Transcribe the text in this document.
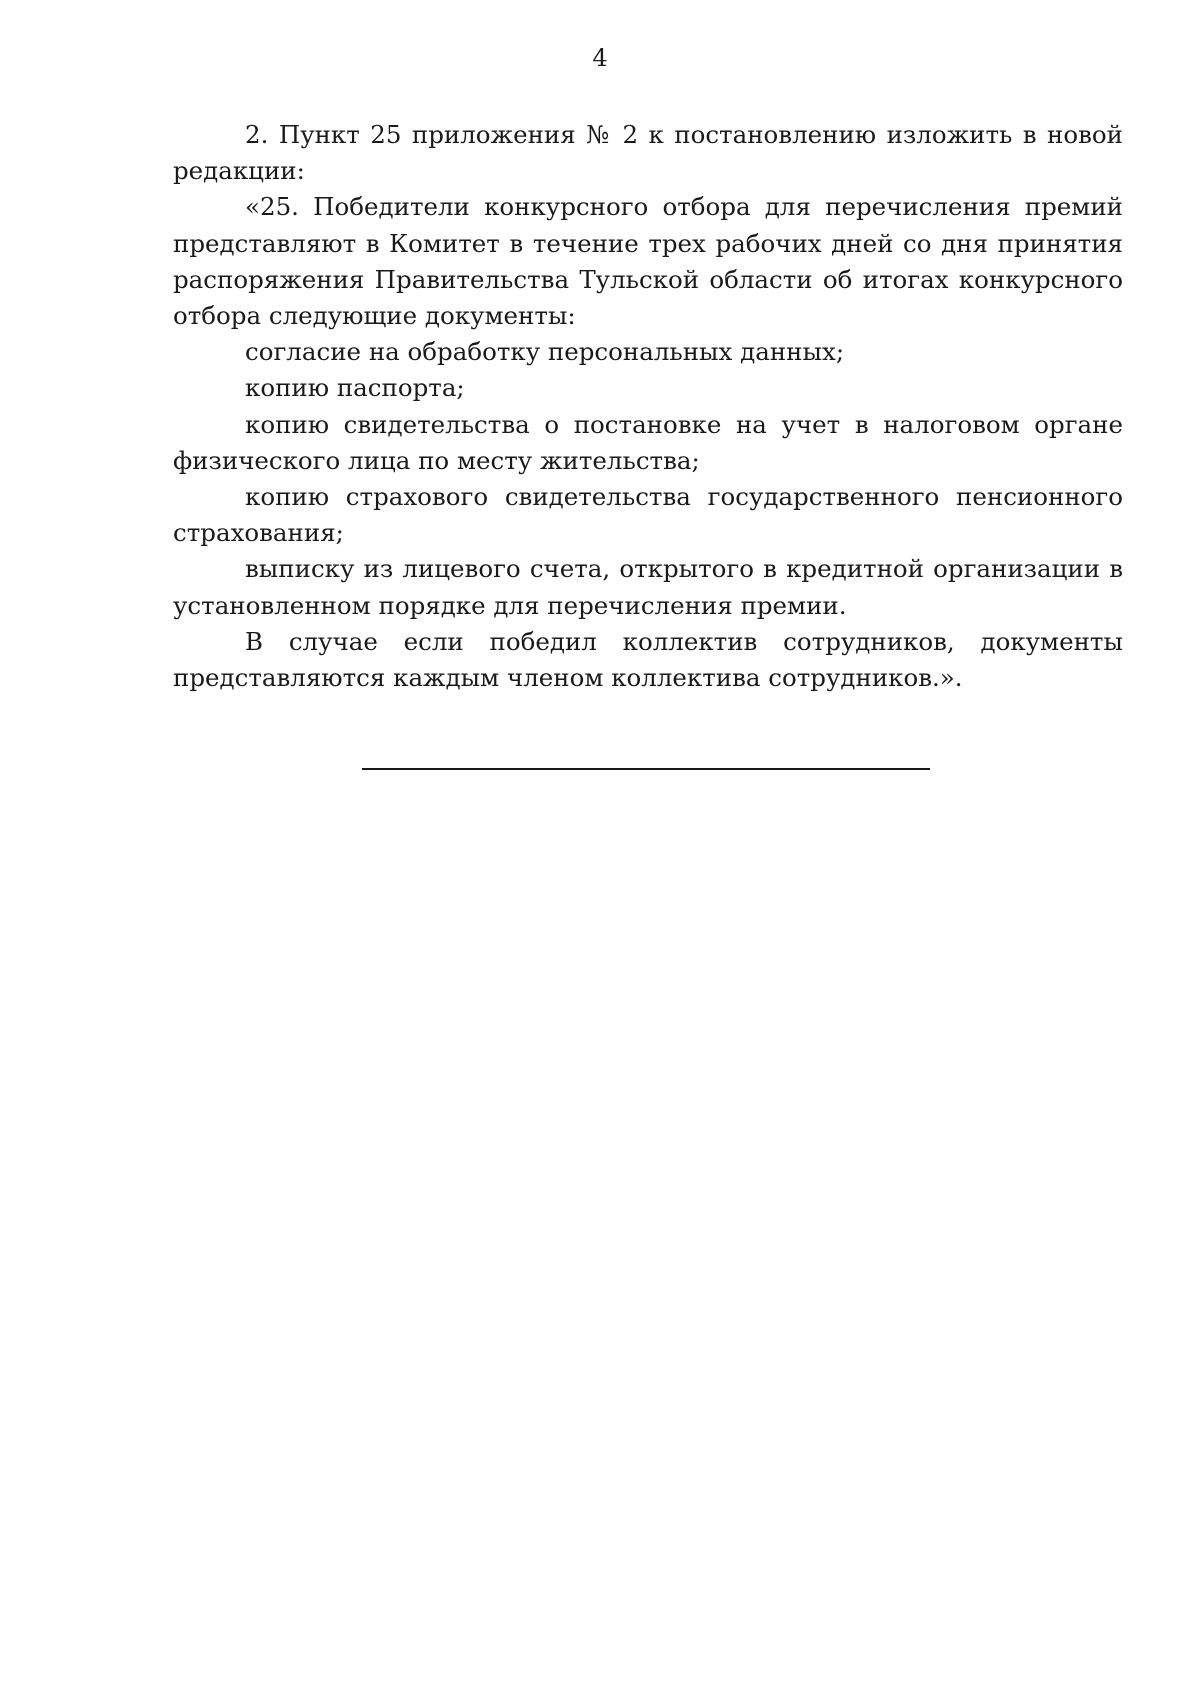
4

2. Пункт 25 приложения № 2 к постановлению изложить в новой редакции:

«25. Победители конкурсного отбора для перечисления премий представляют в Комитет в течение трех рабочих дней со дня принятия распоряжения Правительства Тульской области об итогах конкурсного отбора следующие документы:

согласие на обработку персональных данных;

копию паспорта;

копию свидетельства о постановке на учет в налоговом органе физического лица по месту жительства;

копию страхового свидетельства государственного пенсионного страхования;

выписку из лицевого счета, открытого в кредитной организации в установленном порядке для перечисления премии.

В случае если победил коллектив сотрудников, документы представляются каждым членом коллектива сотрудников.».
